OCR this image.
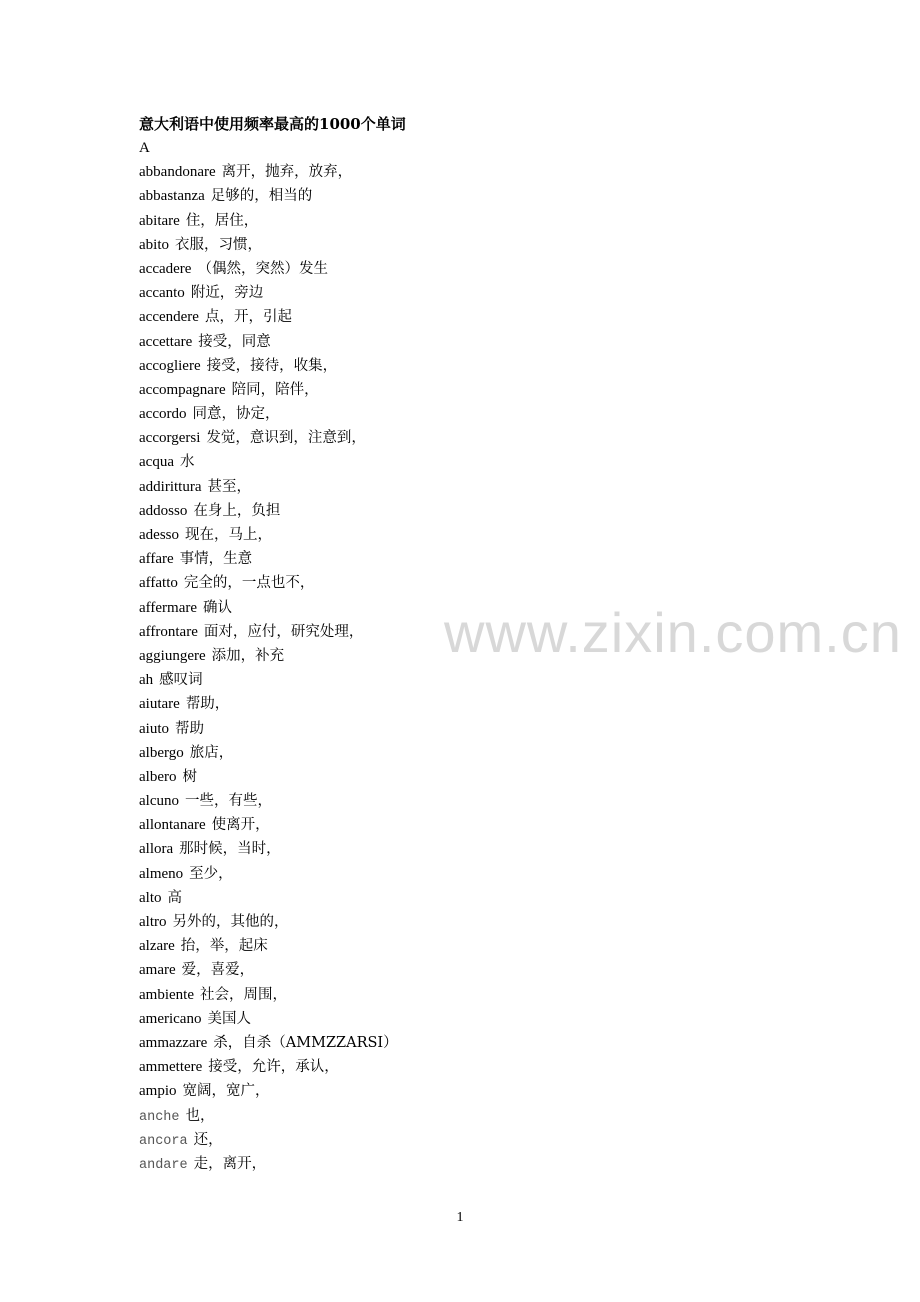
www.zixin.com.cn
意大利语中使用频率最高的1000个单词
A
abbandonare 离开，抛弃，放弃，
abbastanza 足够的，相当的
abitare 住，居住，
abito 衣服，习惯，
accadere （偶然，突然）发生
accanto 附近，旁边
accendere 点，开，引起
accettare 接受，同意
accogliere 接受，接待，收集，
accompagnare 陪同，陪伴，
accordo 同意，协定，
accorgersi 发觉，意识到，注意到，
acqua 水
addirittura 甚至，
addosso 在身上，负担
adesso 现在，马上，
affare 事情，生意
affatto 完全的，一点也不，
affermare 确认
affrontare 面对，应付，研究处理，
aggiungere 添加，补充
ah 感叹词
aiutare 帮助，
aiuto 帮助
albergo 旅店，
albero 树
alcuno 一些，有些，
allontanare 使离开，
allora 那时候，当时，
almeno 至少，
alto 高
altro 另外的，其他的，
alzare 抬，举，起床
amare 爱，喜爱，
ambiente 社会，周围，
americano 美国人
ammazzare 杀，自杀（AMMZZARSI）
ammettere 接受，允许，承认，
ampio 宽阔，宽广，
anche 也，
ancora 还，
andare 走，离开，
1
